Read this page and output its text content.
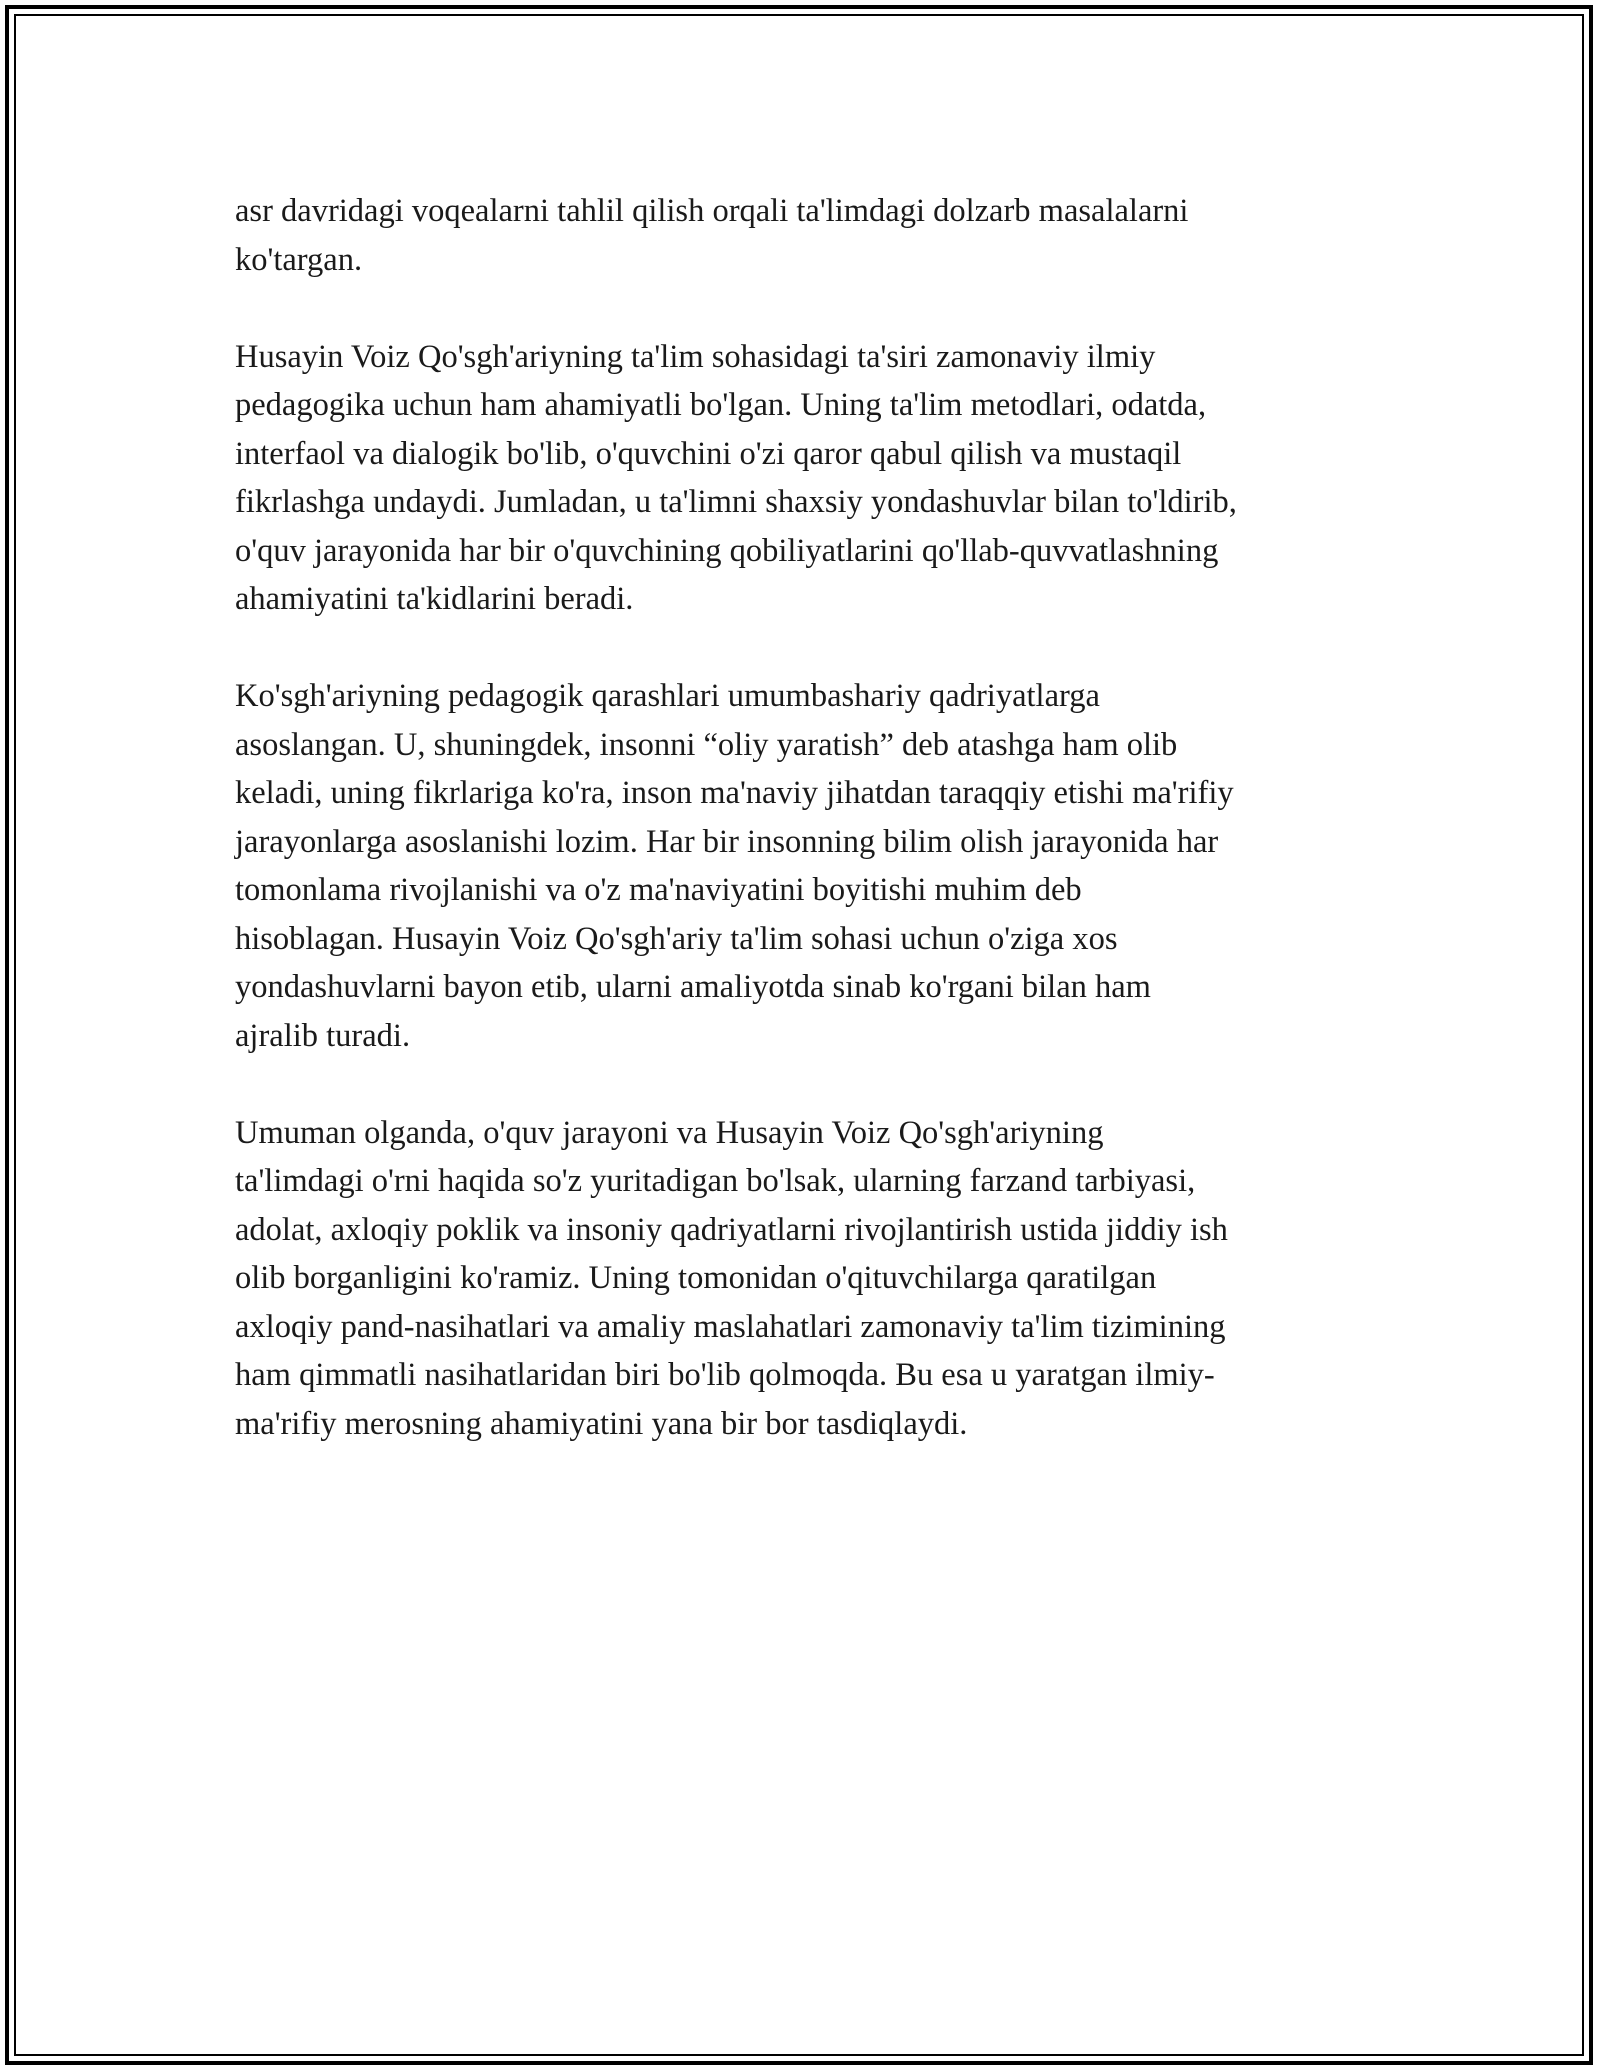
asr davridagi voqealarni tahlil qilish orqali ta'limdagi dolzarb masalalarni
ko'targan.

Husayin Voiz Qo'sgh'ariyning ta'lim sohasidagi ta'siri zamonaviy ilmiy
pedagogika uchun ham ahamiyatli bo'lgan. Uning ta'lim metodlari, odatda,
interfaol va dialogik bo'lib, o'quvchini o'zi qaror qabul qilish va mustaqil
fikrlashga undaydi. Jumladan, u ta'limni shaxsiy yondashuvlar bilan to'ldirib,
o'quv jarayonida har bir o'quvchining qobiliyatlarini qo'llab-quvvatlashning
ahamiyatini ta'kidlarini beradi.

Ko'sgh'ariyning pedagogik qarashlari umumbashariy qadriyatlarga
asoslangan. U, shuningdek, insonni “oliy yaratish” deb atashga ham olib
keladi, uning fikrlariga ko'ra, inson ma'naviy jihatdan taraqqiy etishi ma'rifiy
jarayonlarga asoslanishi lozim. Har bir insonning bilim olish jarayonida har
tomonlama rivojlanishi va o'z ma'naviyatini boyitishi muhim deb
hisoblagan. Husayin Voiz Qo'sgh'ariy ta'lim sohasi uchun o'ziga xos
yondashuvlarni bayon etib, ularni amaliyotda sinab ko'rgani bilan ham
ajralib turadi.

Umuman olganda, o'quv jarayoni va Husayin Voiz Qo'sgh'ariyning
ta'limdagi o'rni haqida so'z yuritadigan bo'lsak, ularning farzand tarbiyasi,
adolat, axloqiy poklik va insoniy qadriyatlarni rivojlantirish ustida jiddiy ish
olib borganligini ko'ramiz. Uning tomonidan o'qituvchilarga qaratilgan
axloqiy pand-nasihatlari va amaliy maslahatlari zamonaviy ta'lim tizimining
ham qimmatli nasihatlaridan biri bo'lib qolmoqda. Bu esa u yaratgan ilmiy-
ma'rifiy merosning ahamiyatini yana bir bor tasdiqlaydi.
